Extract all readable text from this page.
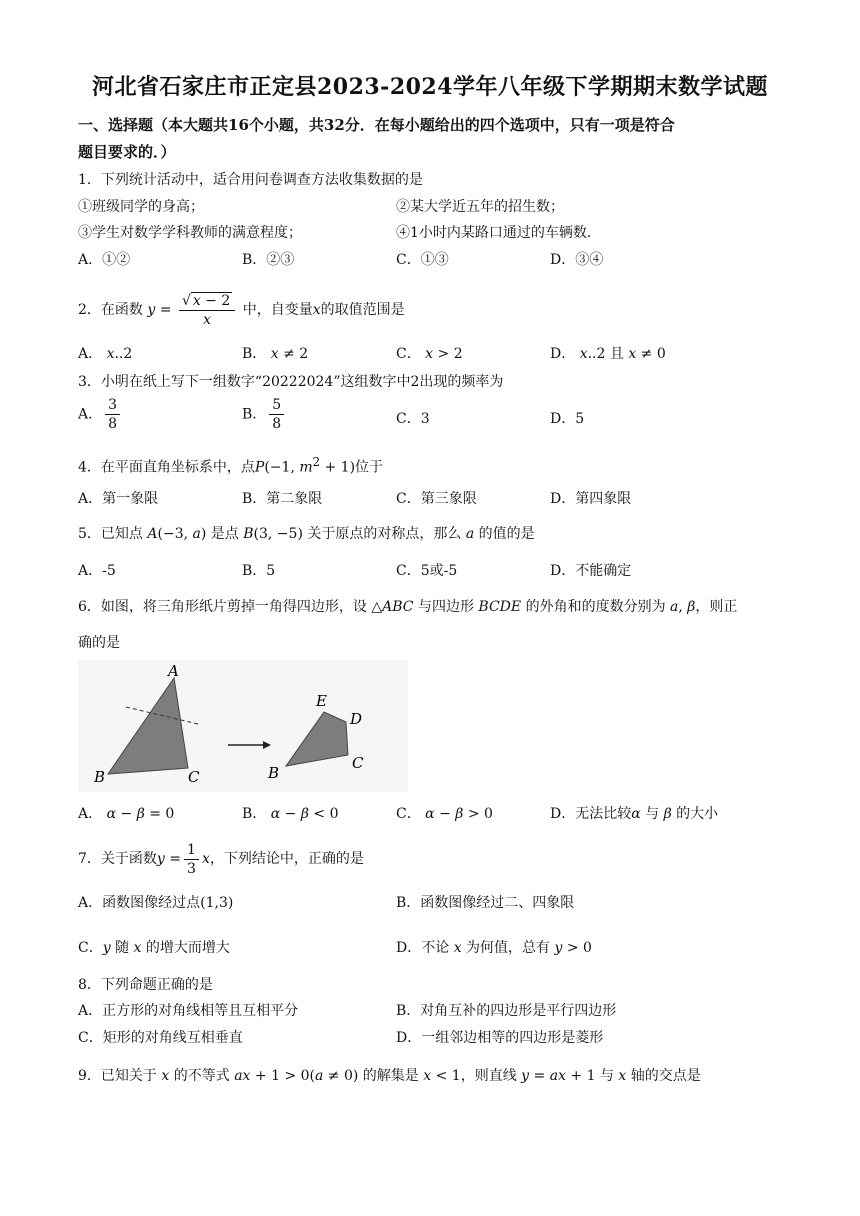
河北省石家庄市正定县2023-2024学年八年级下学期期末数学试题
一、选择题（本大题共16个小题，共32分．在每小题给出的四个选项中，只有一项是符合
题目要求的．）
1．下列统计活动中，适合用问卷调查方法收集数据的是
①班级同学的身高；	②某大学近五年的招生数；
③学生对数学学科教师的满意程度；	④1小时内某路口通过的车辆数．
A．①②	B．②③	C．①③	D．③④
2．在函数 $y = \frac{√ x - 2}{x}$ 中，自变量x的取值范围是
A． x..2	B． x ≠ 2	C． x > 2	D． x..2 且 x ≠ 0
3．小明在纸上写下一组数字“20222024”这组数字中2出现的频率为
A． $\frac{3}{8}$	B． $\frac{5}{8}$	C．3	D．5
4．在平面直角坐标系中，点P(−1, $m^2 + 1$)位于
A．第一象限	B．第二象限	C．第三象限	D．第四象限
5．已知点 A(−3, a) 是点 B(3, −5) 关于原点的对称点，那么 a 的值的是
A．-5	B．5	C．5或-5	D．不能确定
6．如图，将三角形纸片剪掉一角得四边形，设 △ABC 与四边形 BCDE 的外角和的度数分别为 a, β，则正
确的是
A
B	C
E
D
B
C
A． α − β = 0	B． α − β < 0	C． α − β > 0	D．无法比较α 与 β 的大小
7．关于函数$y = \frac{1}{3}$ x，下列结论中，正确的是
A．函数图像经过点(1,3)	B．函数图像经过二、四象限
C．y 随 x 的增大而增大	D．不论 x 为何值，总有 y > 0
8．下列命题正确的是
A．正方形的对角线相等且互相平分	B．对角互补的四边形是平行四边形
C．矩形的对角线互相垂直	D．一组邻边相等的四边形是菱形
9．已知关于 x 的不等式 ax + 1 > 0(a ≠ 0) 的解集是 x < 1，则直线 y = ax + 1 与 x 轴的交点是
